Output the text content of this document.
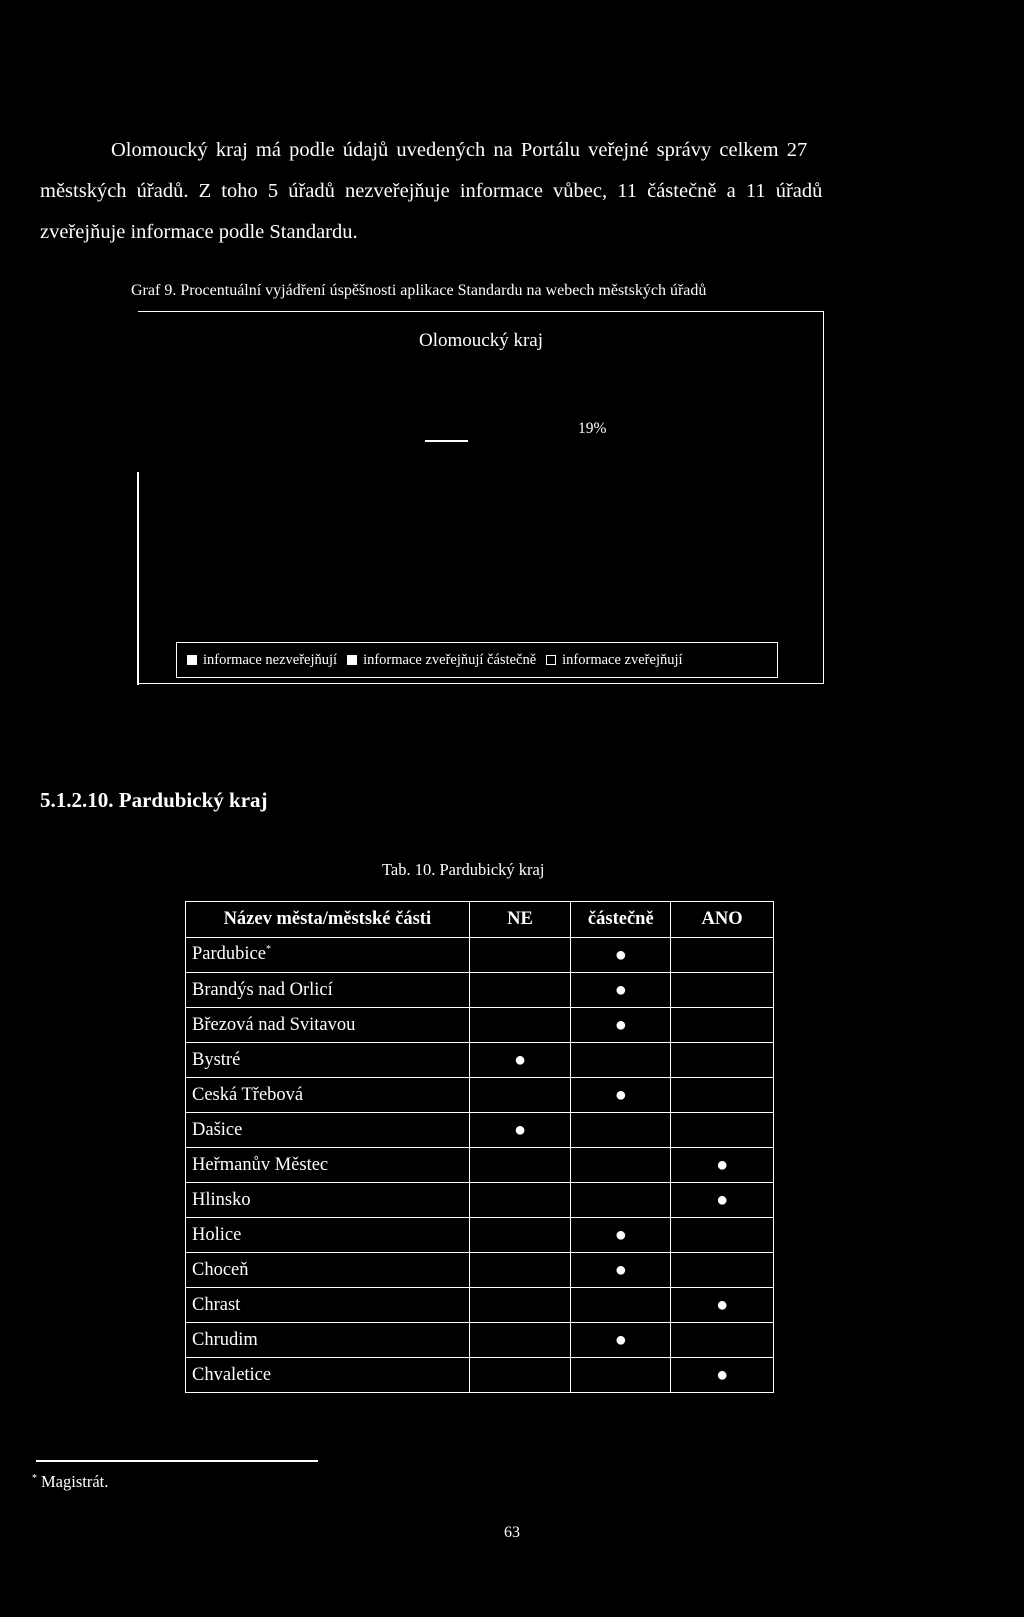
Olomoucký kraj má podle údajů uvedených na Portálu veřejné správy celkem 27
městských úřadů. Z toho 5 úřadů nezveřejňuje informace vůbec, 11 částečně a 11 úřadů
zveřejňuje informace podle Standardu.
Graf 9. Procentuální vyjádření úspěšnosti aplikace Standardu na webech městských úřadů
Olomoucký kraj
19%
informace nezveřejňují informace zveřejňují částečně informace zveřejňují
5.1.2.10. Pardubický kraj
Tab. 10. Pardubický kraj
Název města/městské části	NE	částečně	ANO
Pardubice*		●	
Brandýs nad Orlicí		●	
Březová nad Svitavou		●	
Bystré	●		
Ceská Třebová		●	
Dašice	●		
Heřmanův Městec			●
Hlinsko			●
Holice		●	
Choceň		●	
Chrast			●
Chrudim		●	
Chvaletice			●
* Magistrát.
63
